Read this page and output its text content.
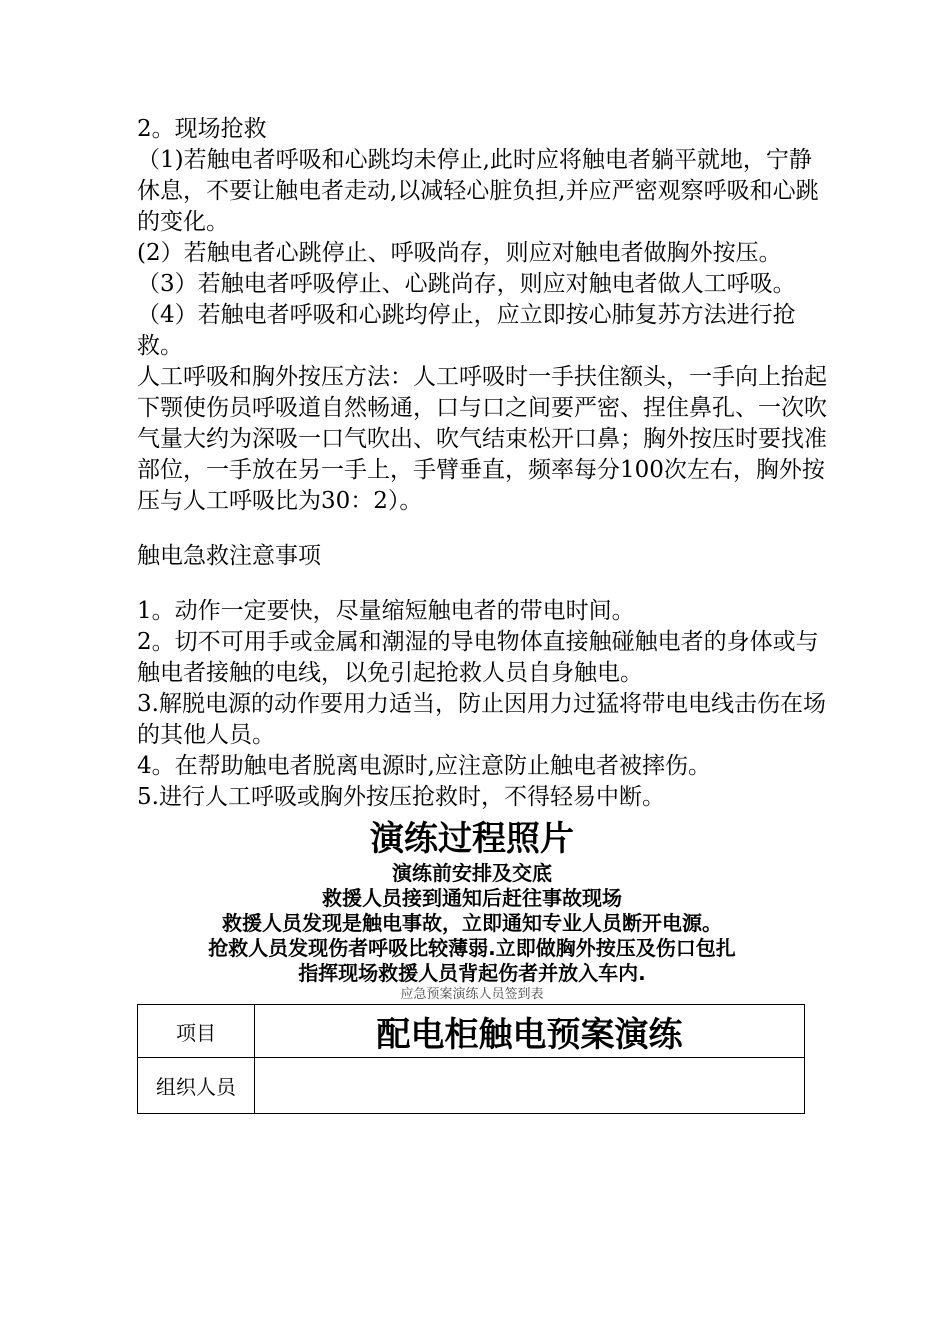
2。现场抢救

（1)若触电者呼吸和心跳均未停止,此时应将触电者躺平就地，宁静休息，不要让触电者走动,以减轻心脏负担,并应严密观察呼吸和心跳的变化。

(2）若触电者心跳停止、呼吸尚存，则应对触电者做胸外按压。

（3）若触电者呼吸停止、心跳尚存，则应对触电者做人工呼吸。

（4）若触电者呼吸和心跳均停止，应立即按心肺复苏方法进行抢救。

人工呼吸和胸外按压方法：人工呼吸时一手扶住额头，一手向上抬起下颚使伤员呼吸道自然畅通，口与口之间要严密、捏住鼻孔、一次吹气量大约为深吸一口气吹出、吹气结束松开口鼻；胸外按压时要找准部位，一手放在另一手上，手臂垂直，频率每分100次左右，胸外按压与人工呼吸比为30：2）。

触电急救注意事项

1。动作一定要快，尽量缩短触电者的带电时间。

2。切不可用手或金属和潮湿的导电物体直接触碰触电者的身体或与触电者接触的电线，以免引起抢救人员自身触电。

3.解脱电源的动作要用力适当，防止因用力过猛将带电电线击伤在场的其他人员。

4。在帮助触电者脱离电源时,应注意防止触电者被摔伤。

5.进行人工呼吸或胸外按压抢救时，不得轻易中断。

演练过程照片
演练前安排及交底
救援人员接到通知后赶往事故现场
救援人员发现是触电事故，立即通知专业人员断开电源。
抢救人员发现伤者呼吸比较薄弱.立即做胸外按压及伤口包扎
指挥现场救援人员背起伤者并放入车内.
应急预案演练人员签到表
项目	配电柜触电预案演练
组织人员	
